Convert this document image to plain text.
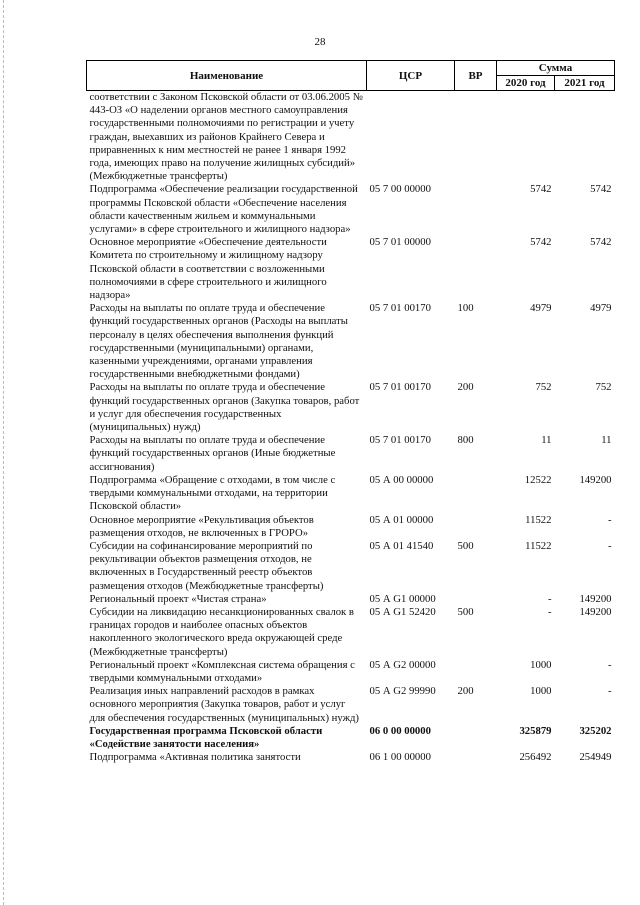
28
Наименование	ЦСР	ВР	Сумма	
			2020 год	2021 год
соответствии с Законом Псковской области от 03.06.2005 № 443-ОЗ «О наделении органов местного самоуправления государственными полномочиями по регистрации и учету граждан, выехавших из районов Крайнего Севера и приравненных к ним местностей не ранее 1 января 1992 года, имеющих право на получение жилищных субсидий» (Межбюджетные трансферты)				
Подпрограмма «Обеспечение реализации государственной программы Псковской области «Обеспечение населения области качественным жильем и коммунальными услугами» в сфере строительного и жилищного надзора»	05 7 00 00000		5742	5742
Основное мероприятие «Обеспечение деятельности Комитета по строительному и жилищному надзору Псковской области в соответствии с возложенными полномочиями в сфере строительного и жилищного надзора»	05 7 01 00000		5742	5742
Расходы на выплаты по оплате труда и обеспечение функций государственных органов (Расходы на выплаты персоналу в целях обеспечения выполнения функций государственными (муниципальными) органами, казенными учреждениями, органами управления государственными внебюджетными фондами)	05 7 01 00170	100	4979	4979
Расходы на выплаты по оплате труда и обеспечение функций государственных органов (Закупка товаров, работ и услуг для обеспечения государственных (муниципальных) нужд)	05 7 01 00170	200	752	752
Расходы на выплаты по оплате труда и обеспечение функций государственных органов (Иные бюджетные ассигнования)	05 7 01 00170	800	11	11
Подпрограмма «Обращение с отходами, в том числе с твердыми коммунальными отходами, на территории Псковской области»	05 А 00 00000		12522	149200
Основное мероприятие «Рекультивация объектов размещения отходов, не включенных в ГРОРО»	05 А 01 00000		11522	-
Субсидии на софинансирование мероприятий по рекультивации объектов размещения отходов, не включенных в Государственный реестр объектов размещения отходов (Межбюджетные трансферты)	05 А 01 41540	500	11522	-
Региональный проект «Чистая страна»	05 А G1 00000		-	149200
Субсидии на ликвидацию несанкционированных свалок в границах городов и наиболее опасных объектов накопленного экологического вреда окружающей среде (Межбюджетные трансферты)	05 А G1 52420	500	-	149200
Региональный проект «Комплексная система обращения с твердыми коммунальными отходами»	05 А G2 00000		1000	-
Реализация иных направлений расходов в рамках основного мероприятия (Закупка товаров, работ и услуг для обеспечения государственных (муниципальных) нужд)	05 А G2 99990	200	1000	-
Государственная программа Псковской области «Содействие занятости населения»	06 0 00 00000		325879	325202
Подпрограмма «Активная политика занятости	06 1 00 00000		256492	254949
